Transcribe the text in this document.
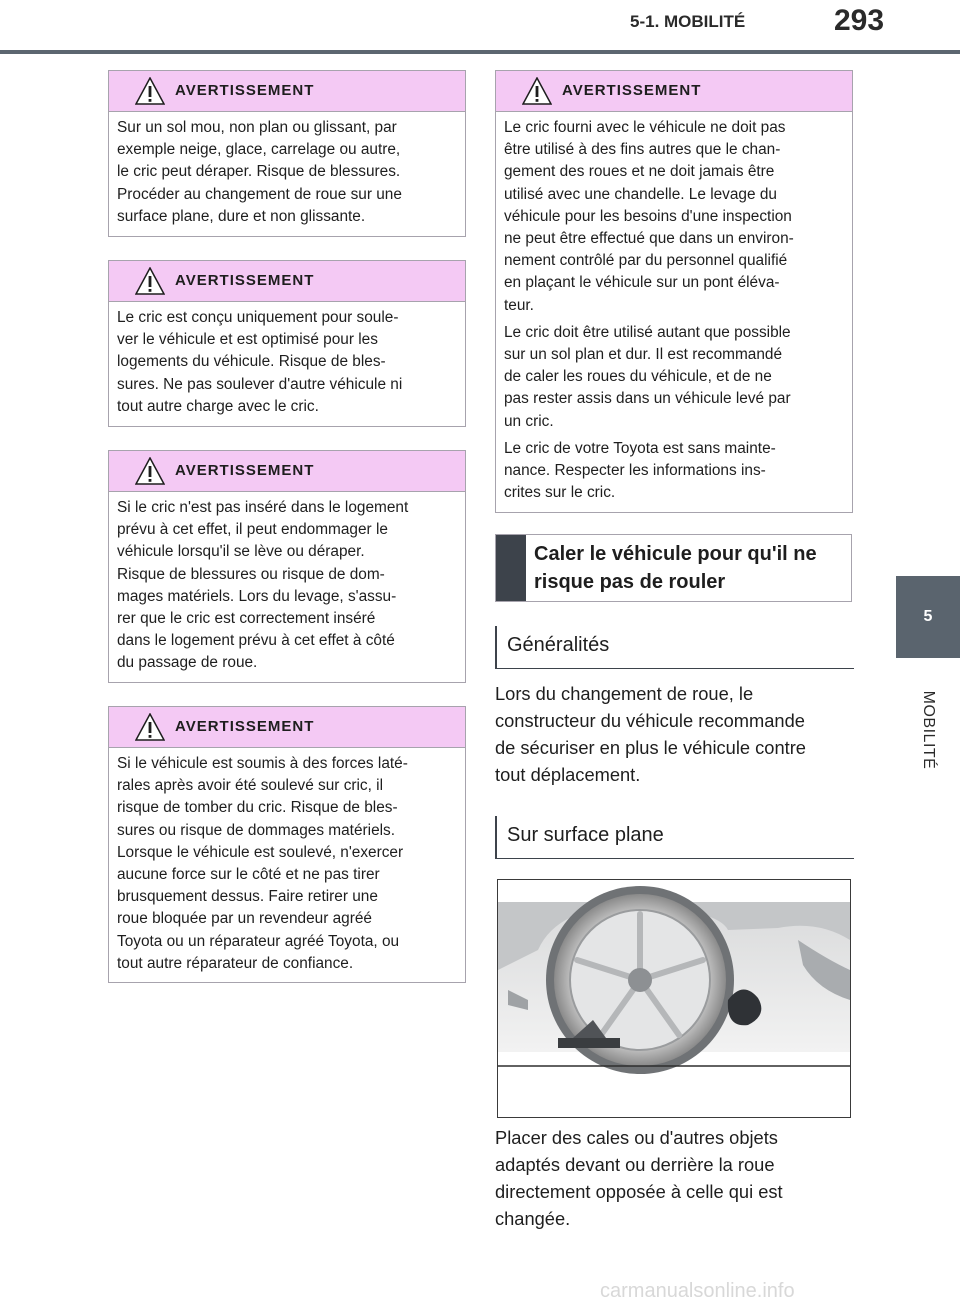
5-1. MOBILITÉ	293
5
MOBILITÉ
AVERTISSEMENT
Sur un sol mou, non plan ou glissant, par
exemple neige, glace, carrelage ou autre,
le cric peut déraper. Risque de blessures.
Procéder au changement de roue sur une
surface plane, dure et non glissante.
AVERTISSEMENT
Le cric est conçu uniquement pour soule-
ver le véhicule et est optimisé pour les
logements du véhicule. Risque de bles-
sures. Ne pas soulever d'autre véhicule ni
tout autre charge avec le cric.
AVERTISSEMENT
Si le cric n'est pas inséré dans le logement
prévu à cet effet, il peut endommager le
véhicule lorsqu'il se lève ou déraper.
Risque de blessures ou risque de dom-
mages matériels. Lors du levage, s'assu-
rer que le cric est correctement inséré
dans le logement prévu à cet effet à côté
du passage de roue.
AVERTISSEMENT
Si le véhicule est soumis à des forces laté-
rales après avoir été soulevé sur cric, il
risque de tomber du cric. Risque de bles-
sures ou risque de dommages matériels.
Lorsque le véhicule est soulevé, n'exercer
aucune force sur le côté et ne pas tirer
brusquement dessus. Faire retirer une
roue bloquée par un revendeur agréé
Toyota ou un réparateur agréé Toyota, ou
tout autre réparateur de confiance.
AVERTISSEMENT

Le cric fourni avec le véhicule ne doit pas
être utilisé à des fins autres que le chan-
gement des roues et ne doit jamais être
utilisé avec une chandelle. Le levage du
véhicule pour les besoins d'une inspection
ne peut être effectué que dans un environ-
nement contrôlé par du personnel qualifié
en plaçant le véhicule sur un pont éléva-
teur.

Le cric doit être utilisé autant que possible
sur un sol plan et dur. Il est recommandé
de caler les roues du véhicule, et de ne
pas rester assis dans un véhicule levé par
un cric.

Le cric de votre Toyota est sans mainte-
nance. Respecter les informations ins-
crites sur le cric.

Caler le véhicule pour qu'il ne
risque pas de rouler
Généralités
Lors du changement de roue, le
constructeur du véhicule recommande
de sécuriser en plus le véhicule contre
tout déplacement.
Sur surface plane
Placer des cales ou d'autres objets
adaptés devant ou derrière la roue
directement opposée à celle qui est
changée.
carmanualsonline.info
